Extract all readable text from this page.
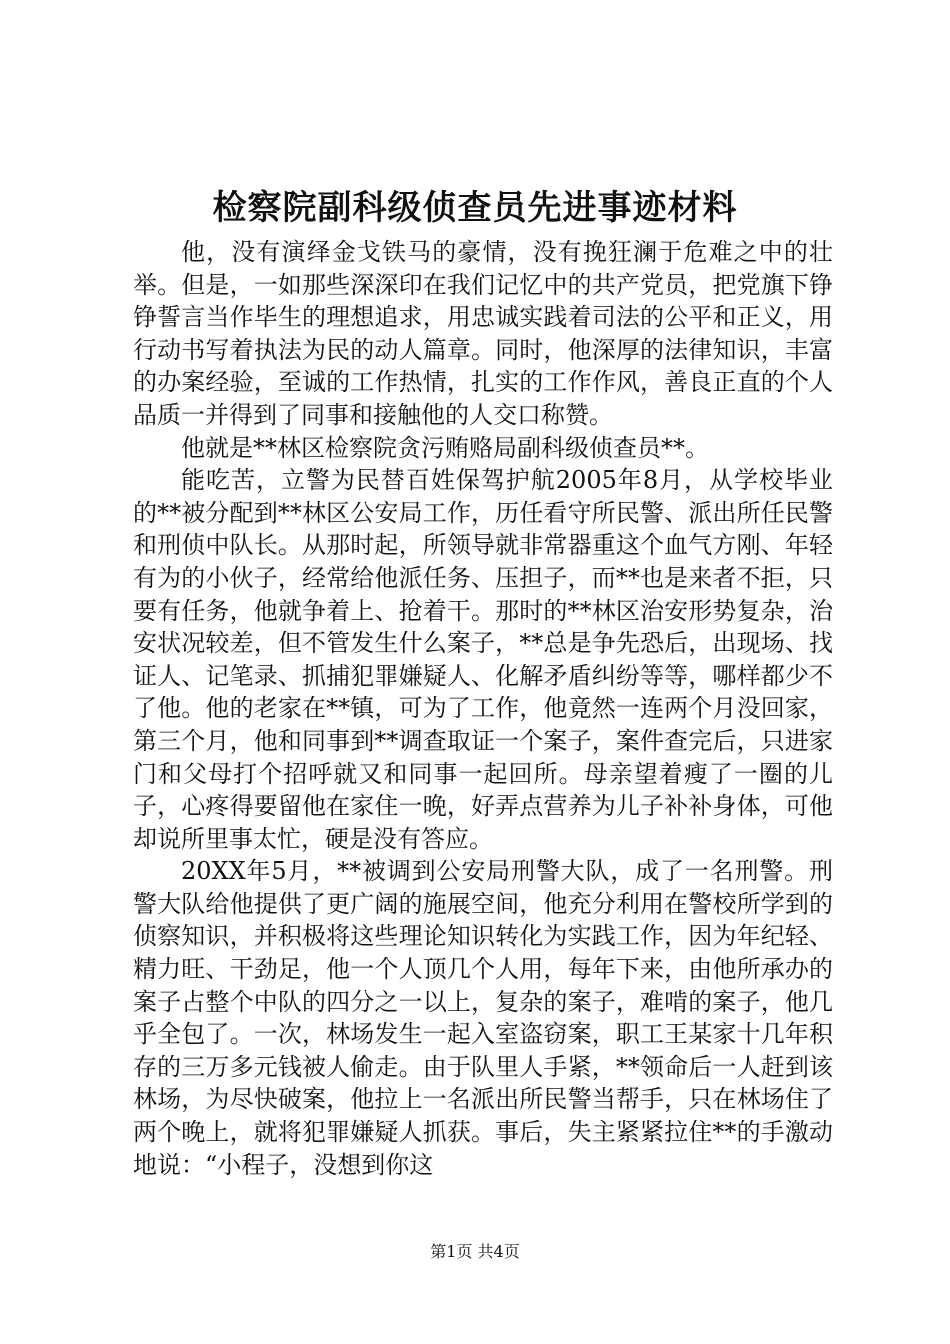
检察院副科级侦查员先进事迹材料

他，没有演绎金戈铁马的豪情，没有挽狂澜于危难之中的壮举。但是，一如那些深深印在我们记忆中的共产党员，把党旗下铮铮誓言当作毕生的理想追求，用忠诚实践着司法的公平和正义，用行动书写着执法为民的动人篇章。同时，他深厚的法律知识，丰富的办案经验，至诚的工作热情，扎实的工作作风，善良正直的个人品质一并得到了同事和接触他的人交口称赞。

他就是**林区检察院贪污贿赂局副科级侦查员**。

能吃苦，立警为民替百姓保驾护航2005年8月，从学校毕业的**被分配到**林区公安局工作，历任看守所民警、派出所任民警和刑侦中队长。从那时起，所领导就非常器重这个血气方刚、年轻有为的小伙子，经常给他派任务、压担子，而**也是来者不拒，只要有任务，他就争着上、抢着干。那时的**林区治安形势复杂，治安状况较差，但不管发生什么案子，**总是争先恐后，出现场、找证人、记笔录、抓捕犯罪嫌疑人、化解矛盾纠纷等等，哪样都少不了他。他的老家在**镇，可为了工作，他竟然一连两个月没回家，第三个月，他和同事到**调查取证一个案子，案件查完后，只进家门和父母打个招呼就又和同事一起回所。母亲望着瘦了一圈的儿子，心疼得要留他在家住一晚，好弄点营养为儿子补补身体，可他却说所里事太忙，硬是没有答应。

20XX年5月，**被调到公安局刑警大队，成了一名刑警。刑警大队给他提供了更广阔的施展空间，他充分利用在警校所学到的侦察知识，并积极将这些理论知识转化为实践工作，因为年纪轻、精力旺、干劲足，他一个人顶几个人用，每年下来，由他所承办的案子占整个中队的四分之一以上，复杂的案子，难啃的案子，他几乎全包了。一次，林场发生一起入室盗窃案，职工王某家十几年积存的三万多元钱被人偷走。由于队里人手紧，**领命后一人赶到该林场，为尽快破案，他拉上一名派出所民警当帮手，只在林场住了两个晚上，就将犯罪嫌疑人抓获。事后，失主紧紧拉住**的手激动地说：“小程子，没想到你这

第1页 共4页
